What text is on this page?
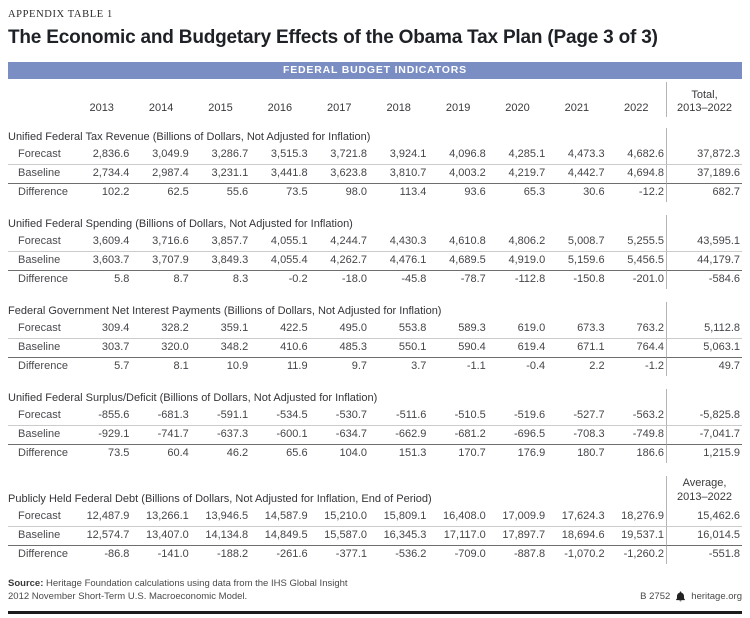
APPENDIX TABLE 1
The Economic and Budgetary Effects of the Obama Tax Plan (Page 3 of 3)
FEDERAL BUDGET INDICATORS
2013	2014	2015	2016	2017	2018	2019	2020	2021	2022
Total,
2013–2022
Unified Federal Tax Revenue (Billions of Dollars, Not Adjusted for Inflation)
Forecast	2,836.6	3,049.9	3,286.7	3,515.3	3,721.8	3,924.1	4,096.8	4,285.1	4,473.3	4,682.6	37,872.3
Baseline	2,734.4	2,987.4	3,231.1	3,441.8	3,623.8	3,810.7	4,003.2	4,219.7	4,442.7	4,694.8	37,189.6
Difference	102.2	62.5	55.6	73.5	98.0	113.4	93.6	65.3	30.6	-12.2	682.7
Unified Federal Spending (Billions of Dollars, Not Adjusted for Inflation)
Forecast	3,609.4	3,716.6	3,857.7	4,055.1	4,244.7	4,430.3	4,610.8	4,806.2	5,008.7	5,255.5	43,595.1
Baseline	3,603.7	3,707.9	3,849.3	4,055.4	4,262.7	4,476.1	4,689.5	4,919.0	5,159.6	5,456.5	44,179.7
Difference	5.8	8.7	8.3	-0.2	-18.0	-45.8	-78.7	-112.8	-150.8	-201.0	-584.6
Federal Government Net Interest Payments (Billions of Dollars, Not Adjusted for Inflation)
Forecast	309.4	328.2	359.1	422.5	495.0	553.8	589.3	619.0	673.3	763.2	5,112.8
Baseline	303.7	320.0	348.2	410.6	485.3	550.1	590.4	619.4	671.1	764.4	5,063.1
Difference	5.7	8.1	10.9	11.9	9.7	3.7	-1.1	-0.4	2.2	-1.2	49.7
Unified Federal Surplus/Deficit (Billions of Dollars, Not Adjusted for Inflation)
Forecast	-855.6	-681.3	-591.1	-534.5	-530.7	-511.6	-510.5	-519.6	-527.7	-563.2	-5,825.8
Baseline	-929.1	-741.7	-637.3	-600.1	-634.7	-662.9	-681.2	-696.5	-708.3	-749.8	-7,041.7
Difference	73.5	60.4	46.2	65.6	104.0	151.3	170.7	176.9	180.7	186.6	1,215.9
Average,
Publicly Held Federal Debt (Billions of Dollars, Not Adjusted for Inflation, End of Period)	2013–2022
Forecast	12,487.9	13,266.1	13,946.5	14,587.9	15,210.0	15,809.1	16,408.0	17,009.9	17,624.3	18,276.9	15,462.6
Baseline	12,574.7	13,407.0	14,134.8	14,849.5	15,587.0	16,345.3	17,117.0	17,897.7	18,694.6	19,537.1	16,014.5
Difference	-86.8	-141.0	-188.2	-261.6	-377.1	-536.2	-709.0	-887.8	-1,070.2	-1,260.2	-551.8
Source: Heritage Foundation calculations using data from the IHS Global Insight
2012 November Short-Term U.S. Macroeconomic Model.	B 2752 heritage.org
